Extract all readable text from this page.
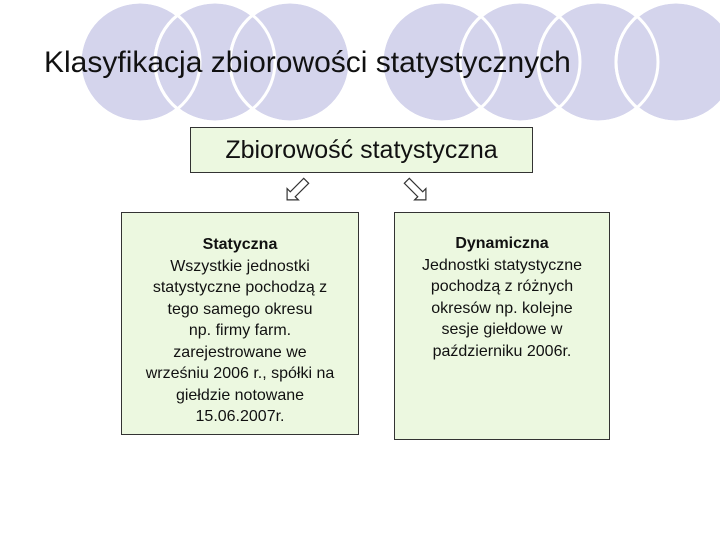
Klasyfikacja zbiorowości statystycznych
Zbiorowość statystyczna
Statyczna
Wszystkie jednostki
statystyczne pochodzą z
tego samego okresu
np. firmy farm.
zarejestrowane we
wrześniu 2006 r., spółki na
giełdzie notowane
15.06.2007r.
Dynamiczna
Jednostki statystyczne
pochodzą z różnych
okresów np. kolejne
sesje giełdowe w
październiku 2006r.
